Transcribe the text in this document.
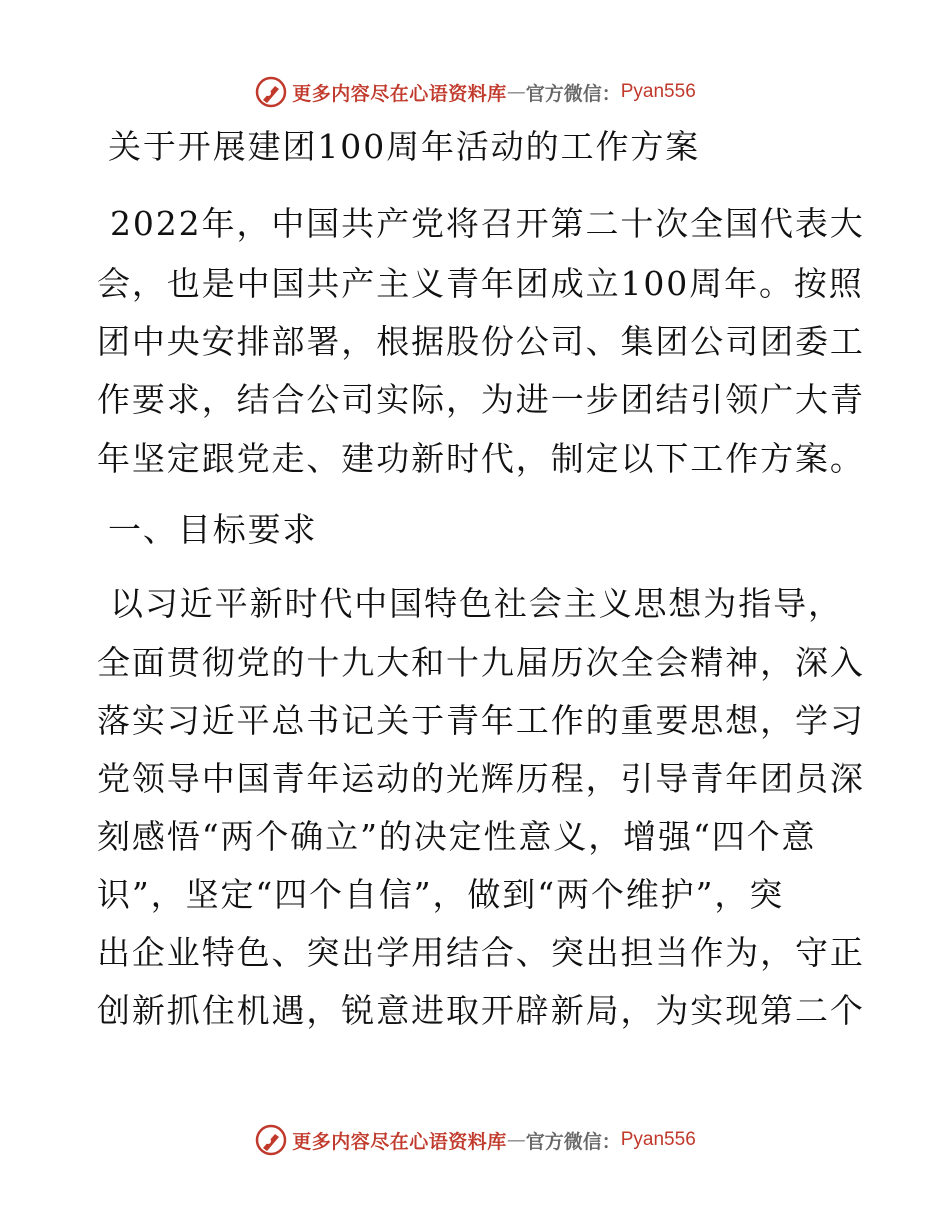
更多内容尽在心语资料库 — 官方微信： Pyan556
关于开展建团100周年活动的工作方案
2022年，中国共产党将召开第二十次全国代表大
会，也是中国共产主义青年团成立100周年。按照
团中央安排部署，根据股份公司、集团公司团委工
作要求，结合公司实际，为进一步团结引领广大青
年坚定跟党走、建功新时代，制定以下工作方案。
一、目标要求
以习近平新时代中国特色社会主义思想为指导，
全面贯彻党的十九大和十九届历次全会精神，深入
落实习近平总书记关于青年工作的重要思想，学习
党领导中国青年运动的光辉历程，引导青年团员深
刻感悟“两个确立”的决定性意义，增强“四个意
识”，坚定“四个自信”，做到“两个维护”，突
出企业特色、突出学用结合、突出担当作为，守正
创新抓住机遇，锐意进取开辟新局，为实现第二个
更多内容尽在心语资料库 — 官方微信： Pyan556
